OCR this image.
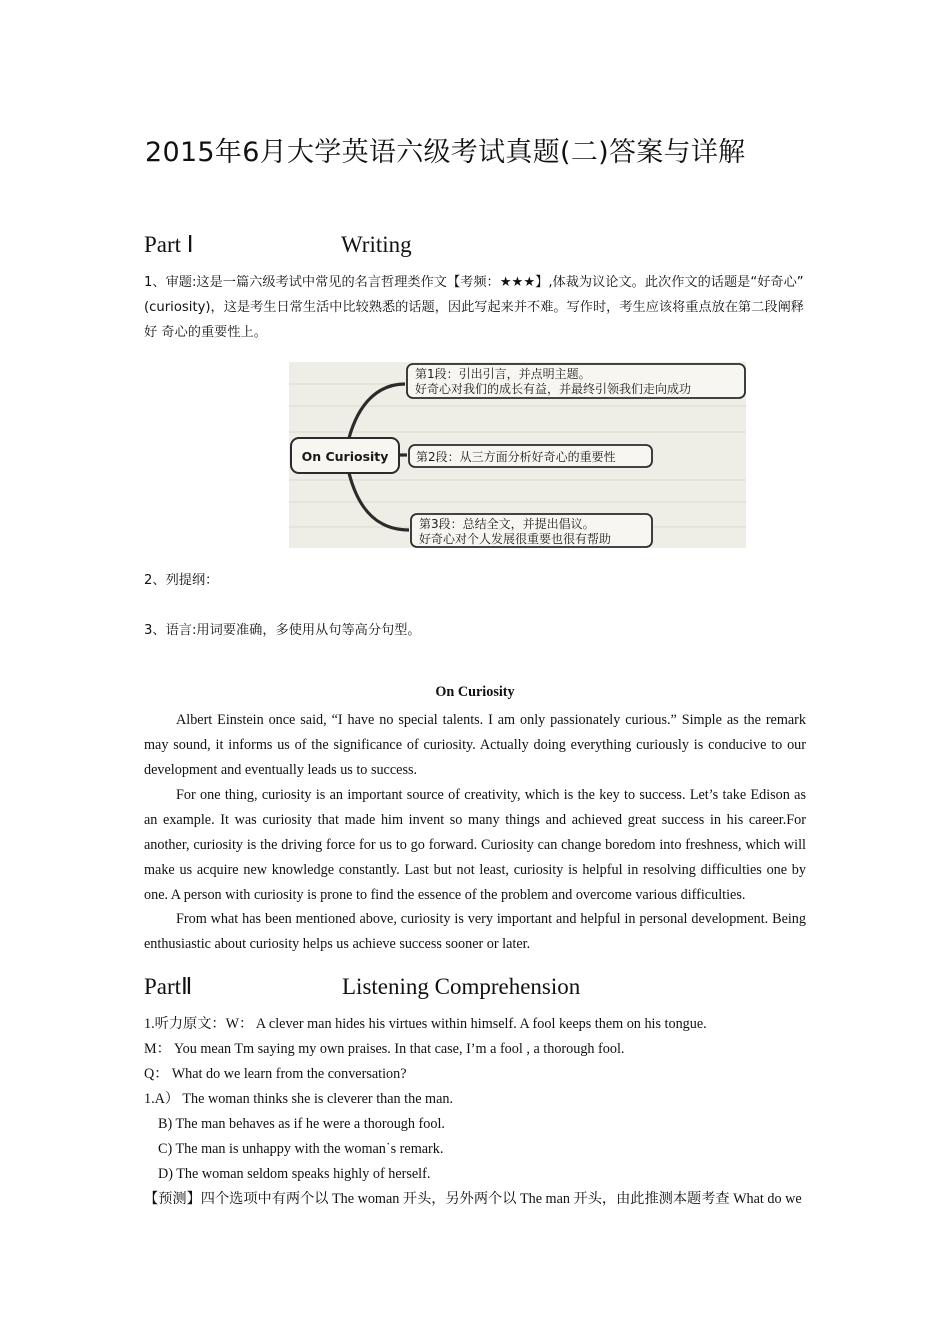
2015年6月大学英语六级考试真题(二)答案与详解
Part Ⅰ	Writing
1、审题:这是一篇六级考试中常见的名言哲理类作文【考频：★★★】,体裁为议论文。此次作文的话题是“好奇心” (curiosity)，这是考生日常生活中比较熟悉的话题，因此写起来并不难。写作时，考生应该将重点放在第二段阐释好 奇心的重要性上。
On Curiosity
第1段：引出引言，并点明主题。
好奇心对我们的成长有益，并最终引领我们走向成功
第2段：从三方面分析好奇心的重要性
第3段：总结全文，并提出倡议。
好奇心对个人发展很重要也很有帮助
2、列提纲：
3、语言:用词要准确，多使用从句等高分句型。
On Curiosity
Albert Einstein once said, “I have no special talents. I am only passionately curious.” Simple as the remark may sound, it informs us of the significance of curiosity. Actually doing everything curiously is conducive to our development and eventually leads us to success.
For one thing, curiosity is an important source of creativity, which is the key to success. Let’s take Edison as an example. It was curiosity that made him invent so many things and achieved great success in his career.For another, curiosity is the driving force for us to go forward. Curiosity can change boredom into freshness, which will make us acquire new knowledge constantly. Last but not least, curiosity is helpful in resolving difficulties one by one. A person with curiosity is prone to find the essence of the problem and overcome various difficulties.
From what has been mentioned above, curiosity is very important and helpful in personal development. Being enthusiastic about curiosity helps us achieve success sooner or later.
PartⅡ	Listening Comprehension
1.听力原文：W： A clever man hides his virtues within himself. A fool keeps them on his tongue.
M： You mean Tm saying my own praises. In that case, I’m a fool , a thorough fool.
Q： What do we learn from the conversation?
1.A） The woman thinks she is cleverer than the man.
B) The man behaves as if he were a thorough fool.
C) The man is unhappy with the woman˙s remark.
D) The woman seldom speaks highly of herself.
【预测】四个选项中有两个以 The woman 开头，另外两个以 The man 开头，由此推测本题考查 What do we
